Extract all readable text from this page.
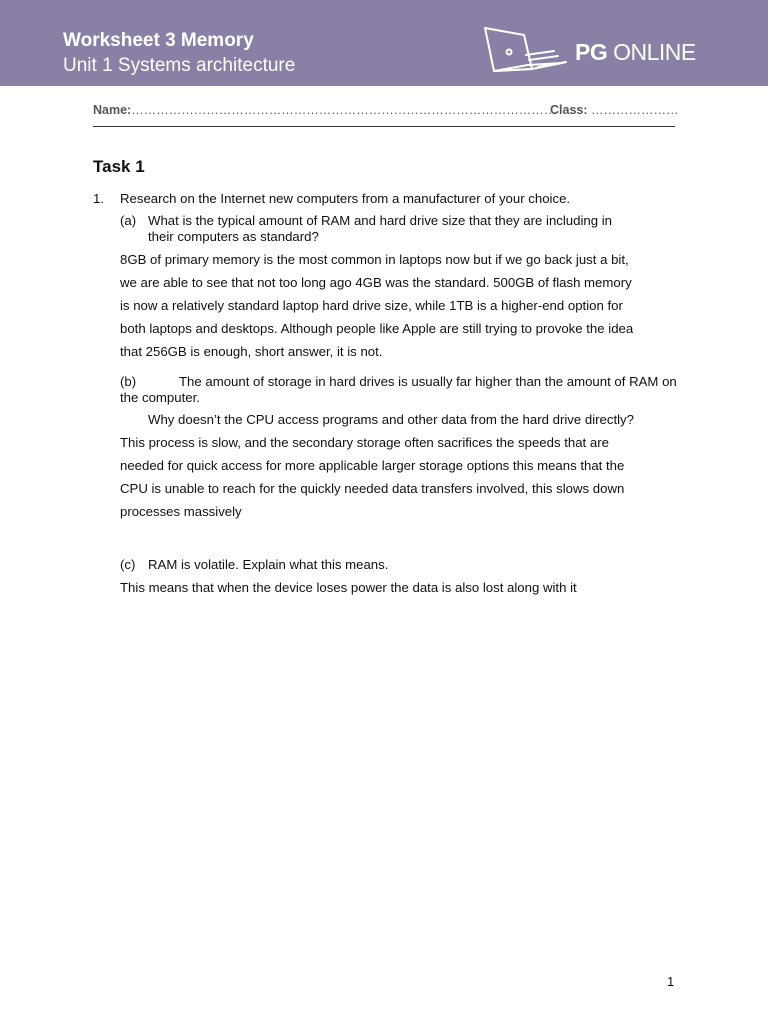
Worksheet 3 Memory
Unit 1 Systems architecture
PG ONLINE
Name:…………………………………………………………………………………………
Class: …………………
Task 1
1. Research on the Internet new computers from a manufacturer of your choice.
(a) What is the typical amount of RAM and hard drive size that they are including in
their computers as standard?
8GB of primary memory is the most common in laptops now but if we go back just a bit,
we are able to see that not too long ago 4GB was the standard. 500GB of flash memory
is now a relatively standard laptop hard drive size, while 1TB is a higher-end option for
both laptops and desktops. Although people like Apple are still trying to provoke the idea
that 256GB is enough, short answer, it is not.
(b)	The amount of storage in hard drives is usually far higher than the amount of RAM on
the computer.
Why doesn’t the CPU access programs and other data from the hard drive directly?
This process is slow, and the secondary storage often sacrifices the speeds that are
needed for quick access for more applicable larger storage options this means that the
CPU is unable to reach for the quickly needed data transfers involved, this slows down
processes massively
(c) RAM is volatile. Explain what this means.
This means that when the device loses power the data is also lost along with it
1
